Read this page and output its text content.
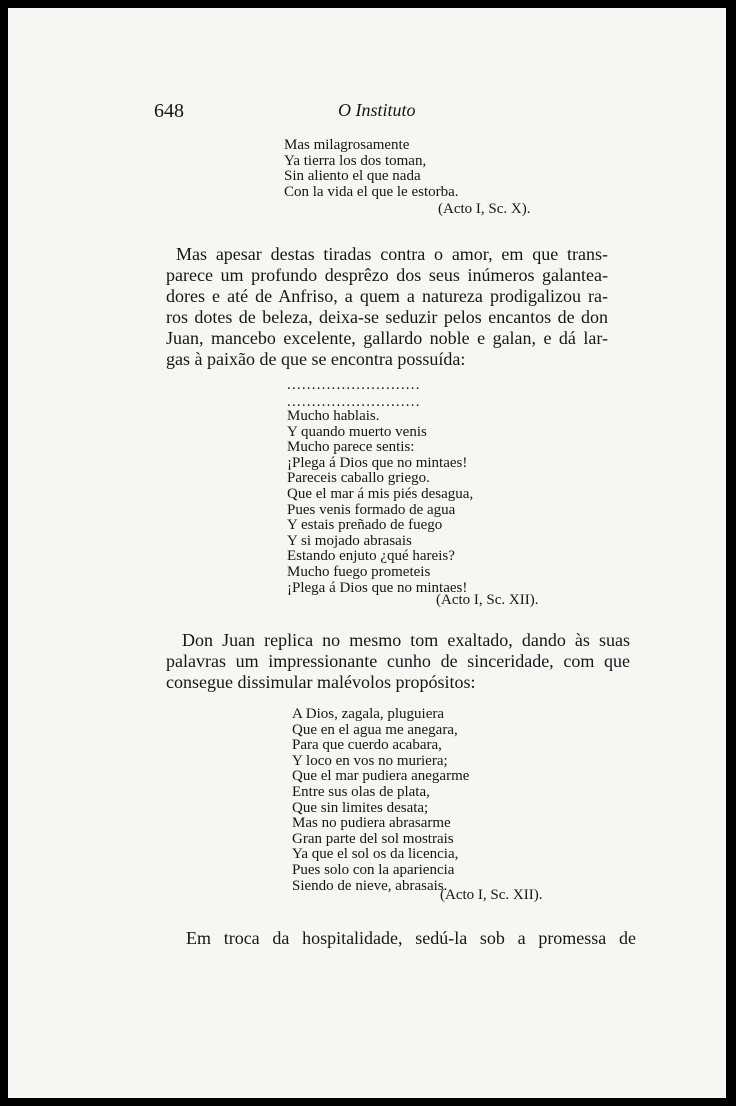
648	O Instituto
Mas milagrosamente
Ya tierra los dos toman,
Sin aliento el que nada
Con la vida el que le estorba.
(Acto I, Sc. X).
Mas apesar destas tiradas contra o amor, em que trans-
parece um profundo desprêzo dos seus inúmeros galantea-
dores e até de Anfriso, a quem a natureza prodigalizou ra-
ros dotes de beleza, deixa-se seduzir pelos encantos de don
Juan, mancebo excelente, gallardo noble e galan, e dá lar-
gas à paixão de que se encontra possuída:
...........................
...........................
Mucho hablais.
Y quando muerto venis
Mucho parece sentis:
¡Plega á Dios que no mintaes!
Pareceis caballo griego.
Que el mar á mis piés desagua,
Pues venis formado de agua
Y estais preñado de fuego
Y si mojado abrasais
Estando enjuto ¿qué hareis?
Mucho fuego prometeis
¡Plega á Dios que no mintaes!
(Acto I, Sc. XII).
Don Juan replica no mesmo tom exaltado, dando às suas
palavras um impressionante cunho de sinceridade, com que
consegue dissimular malévolos propósitos:
A Dios, zagala, pluguiera
Que en el agua me anegara,
Para que cuerdo acabara,
Y loco en vos no muriera;
Que el mar pudiera anegarme
Entre sus olas de plata,
Que sin limites desata;
Mas no pudiera abrasarme
Gran parte del sol mostrais
Ya que el sol os da licencia,
Pues solo con la apariencia
Siendo de nieve, abrasais.
(Acto I, Sc. XII).
Em troca da hospitalidade, sedú-la sob a promessa de
